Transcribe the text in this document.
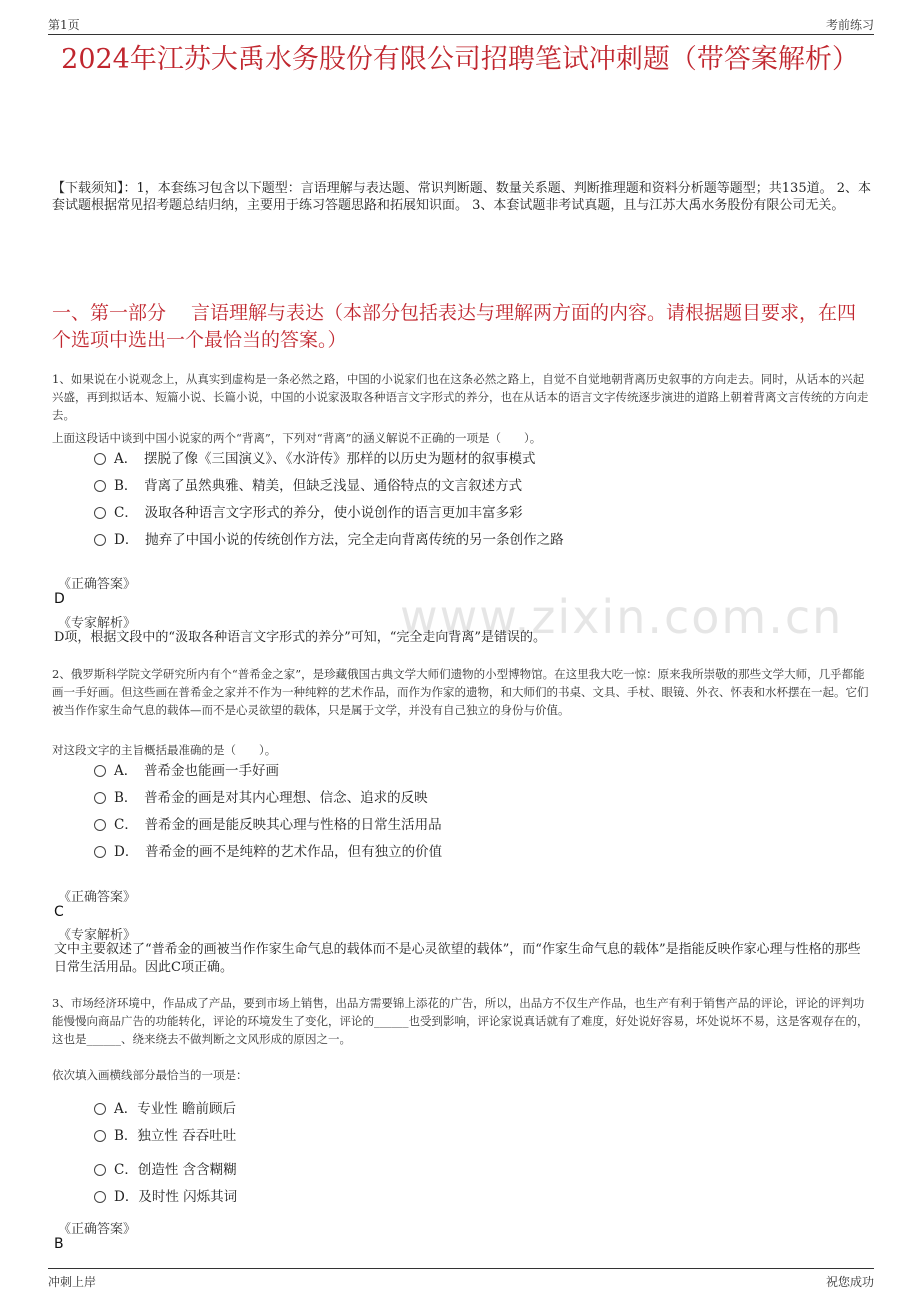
第1页	考前练习
www.zixin.com.cn
2024年江苏大禹水务股份有限公司招聘笔试冲刺题（带答案解析）
【下载须知】：1，本套练习包含以下题型：言语理解与表达题、常识判断题、数量关系题、判断推理题和资料分析题等题型；共135道。 2、本套试题根据常见招考题总结归纳，主要用于练习答题思路和拓展知识面。 3、本套试题非考试真题，且与江苏大禹水务股份有限公司无关。
一、第一部分　 言语理解与表达（本部分包括表达与理解两方面的内容。请根据题目要求，在四个选项中选出一个最恰当的答案。）
1、如果说在小说观念上，从真实到虚构是一条必然之路，中国的小说家们也在这条必然之路上，自觉不自觉地朝背离历史叙事的方向走去。同时，从话本的兴起兴盛，再到拟话本、短篇小说、长篇小说，中国的小说家汲取各种语言文字形式的养分，也在从话本的语言文字传统逐步演进的道路上朝着背离文言传统的方向走去。
上面这段话中谈到中国小说家的两个“背离”，下列对“背离”的涵义解说不正确的一项是（　　）。
A．　摆脱了像《三国演义》、《水浒传》那样的以历史为题材的叙事模式
B．　背离了虽然典雅、精美，但缺乏浅显、通俗特点的文言叙述方式
C．　汲取各种语言文字形式的养分，使小说创作的语言更加丰富多彩
D．　抛弃了中国小说的传统创作方法，完全走向背离传统的另一条创作之路
《正确答案》
D
《专家解析》
D项，根据文段中的“汲取各种语言文字形式的养分”可知，“完全走向背离”是错误的。
2、俄罗斯科学院文学研究所内有个“普希金之家”，是珍藏俄国古典文学大师们遗物的小型博物馆。在这里我大吃一惊：原来我所崇敬的那些文学大师，几乎都能画一手好画。但这些画在普希金之家并不作为一种纯粹的艺术作品，而作为作家的遗物，和大师们的书桌、文具、手杖、眼镜、外衣、怀表和水杯摆在一起。它们被当作作家生命气息的载体—而不是心灵欲望的载体，只是属于文学，并没有自己独立的身份与价值。
对这段文字的主旨概括最准确的是（　　）。
A．　普希金也能画一手好画
B．　普希金的画是对其内心理想、信念、追求的反映
C．　普希金的画是能反映其心理与性格的日常生活用品
D．　普希金的画不是纯粹的艺术作品，但有独立的价值
《正确答案》
C
《专家解析》
文中主要叙述了“普希金的画被当作作家生命气息的载体而不是心灵欲望的载体”，而“作家生命气息的载体”是指能反映作家心理与性格的那些日常生活用品。因此C项正确。
3、市场经济环境中，作品成了产品，要到市场上销售，出品方需要锦上添花的广告，所以，出品方不仅生产作品，也生产有利于销售产品的评论，评论的评判功能慢慢向商品广告的功能转化，评论的环境发生了变化，评论的______也受到影响，评论家说真话就有了难度，好处说好容易，坏处说坏不易，这是客观存在的，这也是______、绕来绕去不做判断之文风形成的原因之一。
依次填入画横线部分最恰当的一项是：
A．专业性 瞻前顾后
B．独立性 吞吞吐吐
C．创造性 含含糊糊
D．及时性 闪烁其词
《正确答案》
B
冲刺上岸	祝您成功
